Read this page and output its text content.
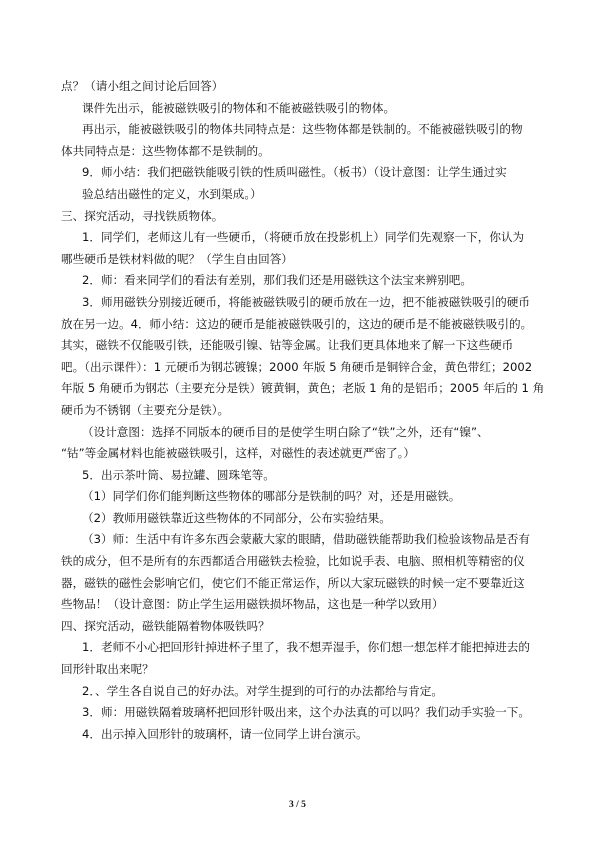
点？（请小组之间讨论后回答）
课件先出示，能被磁铁吸引的物体和不能被磁铁吸引的物体。
再出示，能被磁铁吸引的物体共同特点是：这些物体都是铁制的。不能被磁铁吸引的物
体共同特点是：这些物体都不是铁制的。
9．师小结：我们把磁铁能吸引铁的性质叫磁性。（板书）（设计意图：让学生通过实
验总结出磁性的定义，水到渠成。）
三、探究活动，寻找铁质物体。
1．同学们，老师这儿有一些硬币，（将硬币放在投影机上）同学们先观察一下，你认为
哪些硬币是铁材料做的呢？（学生自由回答）
2．师：看来同学们的看法有差别，那们我们还是用磁铁这个法宝来辨别吧。
3．师用磁铁分别接近硬币，将能被磁铁吸引的硬币放在一边，把不能被磁铁吸引的硬币
放在另一边。4．师小结：这边的硬币是能被磁铁吸引的，这边的硬币是不能被磁铁吸引的。
其实，磁铁不仅能吸引铁，还能吸引镍、钴等金属。让我们更具体地来了解一下这些硬币
吧。（出示课件）：1 元硬币为钢芯镀镍；2000 年版 5 角硬币是铜锌合金，黄色带红；2002
年版 5 角硬币为钢芯（主要充分是铁）镀黄铜，黄色；老版 1 角的是铝币；2005 年后的 1 角
硬币为不锈钢（主要充分是铁）。
（设计意图：选择不同版本的硬币目的是使学生明白除了“铁”之外，还有“镍”、
“钴”等金属材料也能被磁铁吸引，这样，对磁性的表述就更严密了。）
5．出示茶叶筒、易拉罐、圆珠笔等。
（1）同学们你们能判断这些物体的哪部分是铁制的吗？对，还是用磁铁。
（2）教师用磁铁靠近这些物体的不同部分，公布实验结果。
（3）师：生活中有许多东西会蒙蔽大家的眼睛，借助磁铁能帮助我们检验该物品是否有
铁的成分，但不是所有的东西都适合用磁铁去检验，比如说手表、电脑、照相机等精密的仪
器，磁铁的磁性会影响它们，使它们不能正常运作，所以大家玩磁铁的时候一定不要靠近这
些物品！（设计意图：防止学生运用磁铁损坏物品，这也是一种学以致用）
四、探究活动，磁铁能隔着物体吸铁吗？
1．老师不小心把回形针掉进杯子里了，我不想弄湿手，你们想一想怎样才能把掉进去的
回形针取出来呢？
2．、学生各自说自己的好办法。对学生提到的可行的办法都给与肯定。
3．师：用磁铁隔着玻璃杯把回形针吸出来，这个办法真的可以吗？我们动手实验一下。
4．出示掉入回形针的玻璃杯，请一位同学上讲台演示。
3 / 5
